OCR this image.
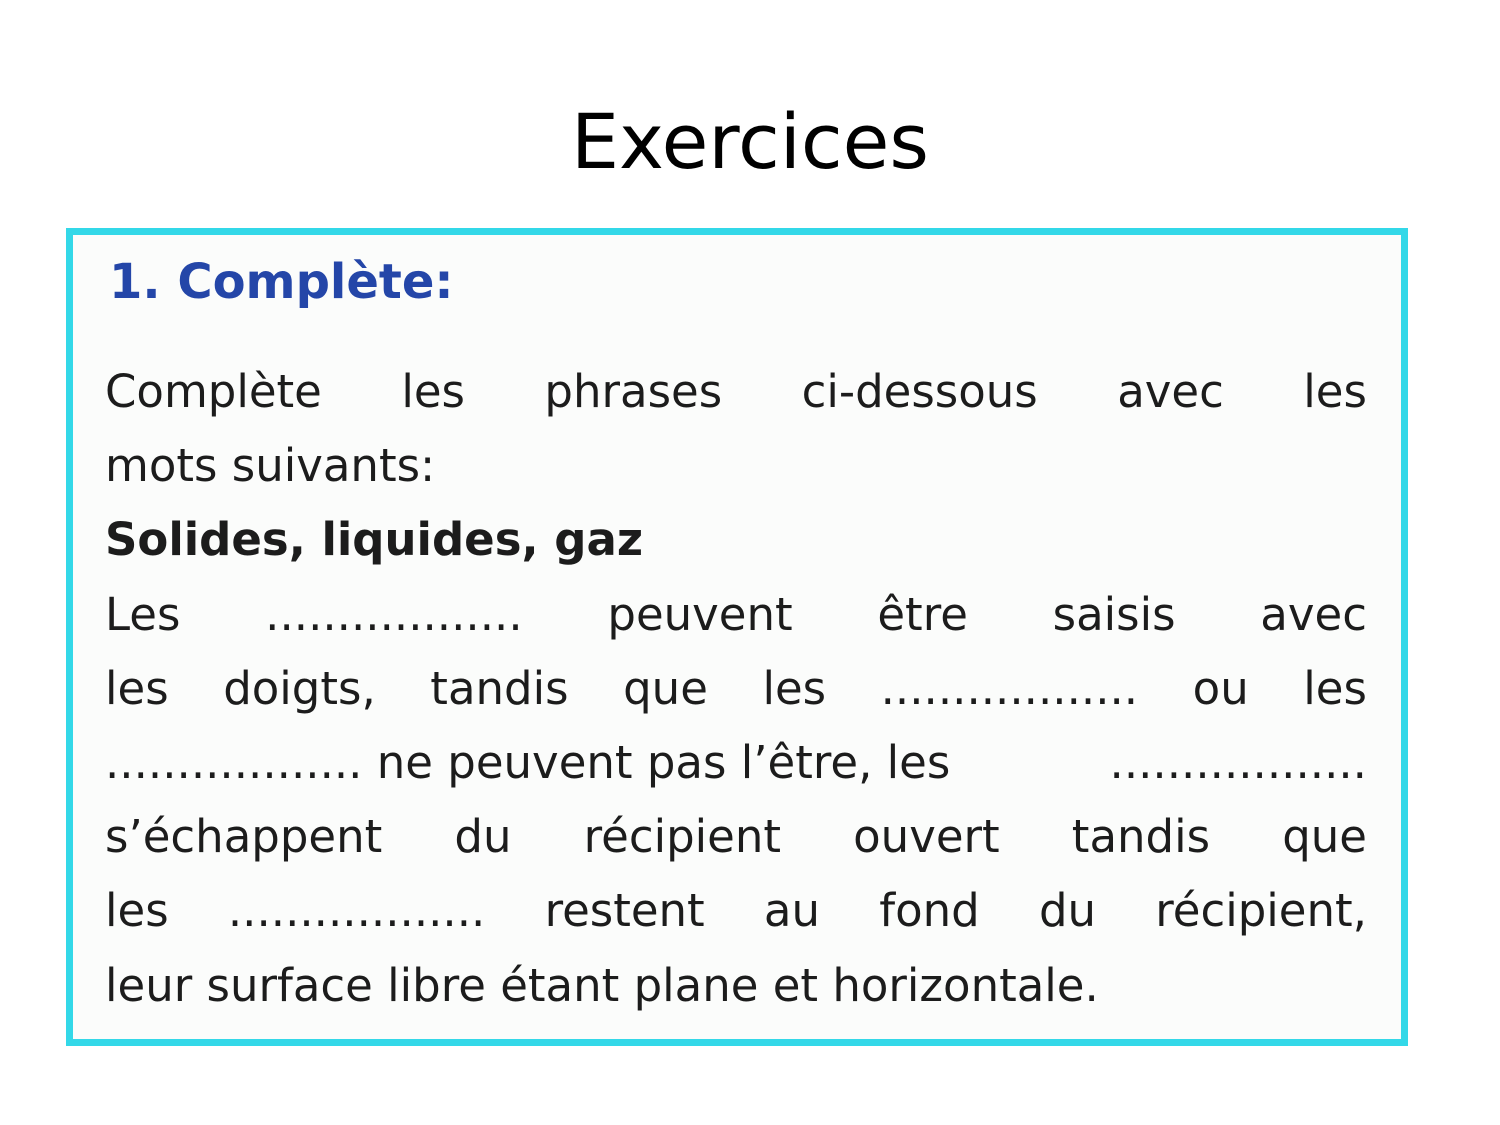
Exercices
1. Complète:
Complète les phrases ci-dessous avec les
mots suivants:
Solides, liquides, gaz
Les .................. peuvent être saisis avec
les doigts, tandis que les .................. ou les
.................. ne peuvent pas l’être, les	..................
s’échappent du récipient ouvert tandis que
les .................. restent au fond du récipient,
leur surface libre étant plane et horizontale.
